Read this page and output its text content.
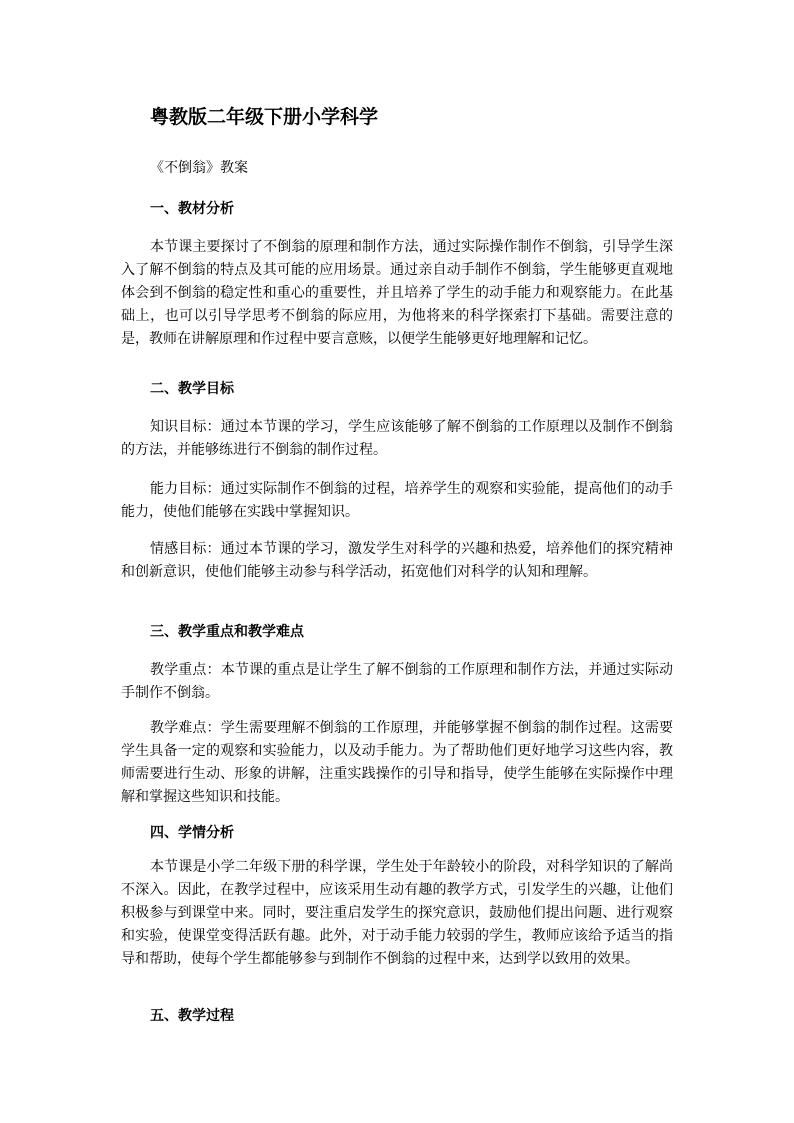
粤教版二年级下册小学科学
《不倒翁》教案
一、教材分析

本节课主要探讨了不倒翁的原理和制作方法，通过实际操作制作不倒翁，引导学生深入了解不倒翁的特点及其可能的应用场景。通过亲自动手制作不倒翁，学生能够更直观地体会到不倒翁的稳定性和重心的重要性，并且培养了学生的动手能力和观察能力。在此基础上，也可以引导学思考不倒翁的际应用，为他将来的科学探索打下基础。需要注意的是，教师在讲解原理和作过程中要言意赅，以便学生能够更好地理解和记忆。

二、教学目标

知识目标：通过本节课的学习，学生应该能够了解不倒翁的工作原理以及制作不倒翁的方法，并能够练进行不倒翁的制作过程。

能力目标：通过实际制作不倒翁的过程，培养学生的观察和实验能，提高他们的动手能力，使他们能够在实践中掌握知识。

情感目标：通过本节课的学习，激发学生对科学的兴趣和热爱，培养他们的探究精神和创新意识，使他们能够主动参与科学活动，拓宽他们对科学的认知和理解。

三、教学重点和教学难点

教学重点：本节课的重点是让学生了解不倒翁的工作原理和制作方法，并通过实际动手制作不倒翁。

教学难点：学生需要理解不倒翁的工作原理，并能够掌握不倒翁的制作过程。这需要学生具备一定的观察和实验能力，以及动手能力。为了帮助他们更好地学习这些内容，教师需要进行生动、形象的讲解，注重实践操作的引导和指导，使学生能够在实际操作中理解和掌握这些知识和技能。

四、学情分析

本节课是小学二年级下册的科学课，学生处于年龄较小的阶段，对科学知识的了解尚不深入。因此，在教学过程中，应该采用生动有趣的教学方式，引发学生的兴趣，让他们积极参与到课堂中来。同时，要注重启发学生的探究意识，鼓励他们提出问题、进行观察和实验，使课堂变得活跃有趣。此外，对于动手能力较弱的学生，教师应该给予适当的指导和帮助，使每个学生都能够参与到制作不倒翁的过程中来，达到学以致用的效果。

五、教学过程
